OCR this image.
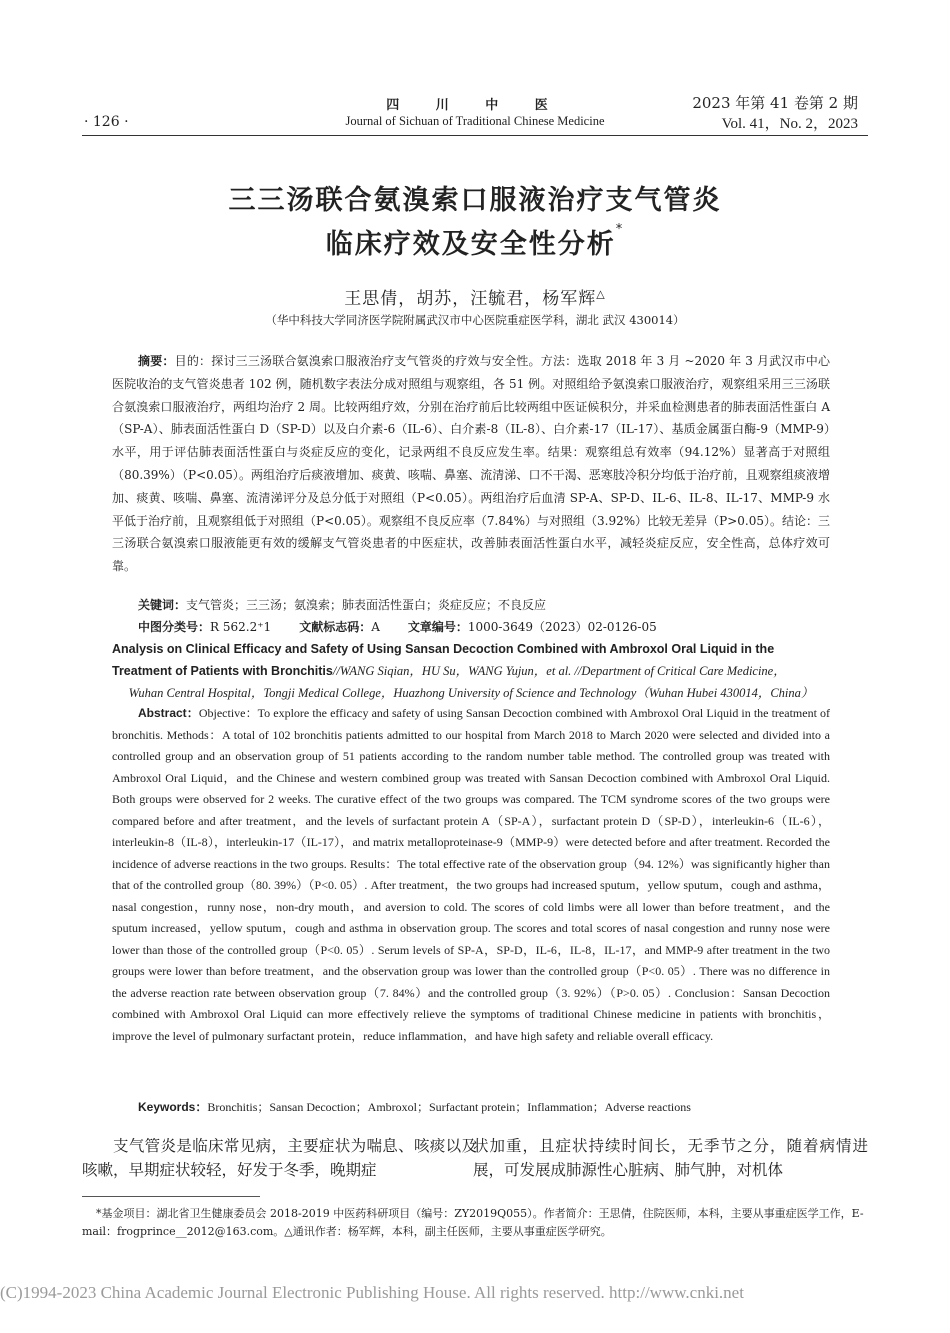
· 126 ·
四 川 中 医
Journal of Sichuan of Traditional Chinese Medicine
2023 年第 41 卷第 2 期
Vol. 41，No. 2，2023
三三汤联合氨溴索口服液治疗支气管炎
临床疗效及安全性分析*
王思倩，胡苏，汪毓君，杨军辉△
（华中科技大学同济医学院附属武汉市中心医院重症医学科，湖北 武汉 430014）
摘要：目的：探讨三三汤联合氨溴索口服液治疗支气管炎的疗效与安全性。方法：选取 2018 年 3 月 ~2020 年 3 月武汉市中心医院收治的支气管炎患者 102 例，随机数字表法分成对照组与观察组，各 51 例。对照组给予氨溴索口服液治疗，观察组采用三三汤联合氨溴索口服液治疗，两组均治疗 2 周。比较两组疗效，分别在治疗前后比较两组中医证候积分，并采血检测患者的肺表面活性蛋白 A（SP-A）、肺表面活性蛋白 D（SP-D）以及白介素-6（IL-6）、白介素-8（IL-8）、白介素-17（IL-17）、基质金属蛋白酶-9（MMP-9）水平，用于评估肺表面活性蛋白与炎症反应的变化，记录两组不良反应发生率。结果：观察组总有效率（94.12%）显著高于对照组（80.39%）（P<0.05）。两组治疗后痰液增加、痰黄、咳喘、鼻塞、流清涕、口不干渴、恶寒肢冷积分均低于治疗前，且观察组痰液增加、痰黄、咳喘、鼻塞、流清涕评分及总分低于对照组（P<0.05）。两组治疗后血清 SP-A、SP-D、IL-6、IL-8、IL-17、MMP-9 水平低于治疗前，且观察组低于对照组（P<0.05）。观察组不良反应率（7.84%）与对照组（3.92%）比较无差异（P>0.05）。结论：三三汤联合氨溴索口服液能更有效的缓解支气管炎患者的中医症状，改善肺表面活性蛋白水平，减轻炎症反应，安全性高，总体疗效可靠。
关键词：支气管炎；三三汤；氨溴索；肺表面活性蛋白；炎症反应；不良反应
中图分类号：R 562.2⁺1 文献标志码：A 文章编号：1000-3649（2023）02-0126-05
Analysis on Clinical Efficacy and Safety of Using Sansan Decoction Combined with Ambroxol Oral Liquid in the Treatment of Patients with Bronchitis//WANG Siqian，HU Su，WANG Yujun，et al. //Department of Critical Care Medicine，
Wuhan Central Hospital，Tongji Medical College，Huazhong University of Science and Technology（Wuhan Hubei 430014，China）
Abstract：Objective：To explore the efficacy and safety of using Sansan Decoction combined with Ambroxol Oral Liquid in the treatment of bronchitis. Methods：A total of 102 bronchitis patients admitted to our hospital from March 2018 to March 2020 were selected and divided into a controlled group and an observation group of 51 patients according to the random number table method. The controlled group was treated with Ambroxol Oral Liquid，and the Chinese and western combined group was treated with Sansan Decoction combined with Ambroxol Oral Liquid. Both groups were observed for 2 weeks. The curative effect of the two groups was compared. The TCM syndrome scores of the two groups were compared before and after treatment，and the levels of surfactant protein A（SP-A），surfactant protein D（SP-D），interleukin-6（IL-6），interleukin-8（IL-8），interleukin-17（IL-17），and matrix metalloproteinase-9（MMP-9）were detected before and after treatment. Recorded the incidence of adverse reactions in the two groups. Results：The total effective rate of the observation group（94. 12%）was significantly higher than that of the controlled group（80. 39%）（P<0. 05）. After treatment，the two groups had increased sputum，yellow sputum，cough and asthma，nasal congestion，runny nose，non-dry mouth，and aversion to cold. The scores of cold limbs were all lower than before treatment，and the sputum increased，yellow sputum，cough and asthma in observation group. The scores and total scores of nasal congestion and runny nose were lower than those of the controlled group（P<0. 05）. Serum levels of SP-A，SP-D，IL-6，IL-8，IL-17，and MMP-9 after treatment in the two groups were lower than before treatment，and the observation group was lower than the controlled group（P<0. 05）. There was no difference in the adverse reaction rate between observation group（7. 84%）and the controlled group（3. 92%）（P>0. 05）. Conclusion：Sansan Decoction combined with Ambroxol Oral Liquid can more effectively relieve the symptoms of traditional Chinese medicine in patients with bronchitis，improve the level of pulmonary surfactant protein，reduce inflammation，and have high safety and reliable overall efficacy.
Keywords：Bronchitis；Sansan Decoction；Ambroxol；Surfactant protein；Inflammation；Adverse reactions
支气管炎是临床常见病，主要症状为喘息、咳痰以及咳嗽，早期症状较轻，好发于冬季，晚期症
状加重，且症状持续时间长，无季节之分，随着病情进展，可发展成肺源性心脏病、肺气肿，对机体
*基金项目：湖北省卫生健康委员会 2018-2019 中医药科研项目（编号：ZY2019Q055）。作者简介：王思倩，住院医师，本科，主要从事重症医学工作，E-mail：frogprince__2012@163.com。△通讯作者：杨军辉，本科，副主任医师，主要从事重症医学研究。
(C)1994-2023 China Academic Journal Electronic Publishing House. All rights reserved. http://www.cnki.net
